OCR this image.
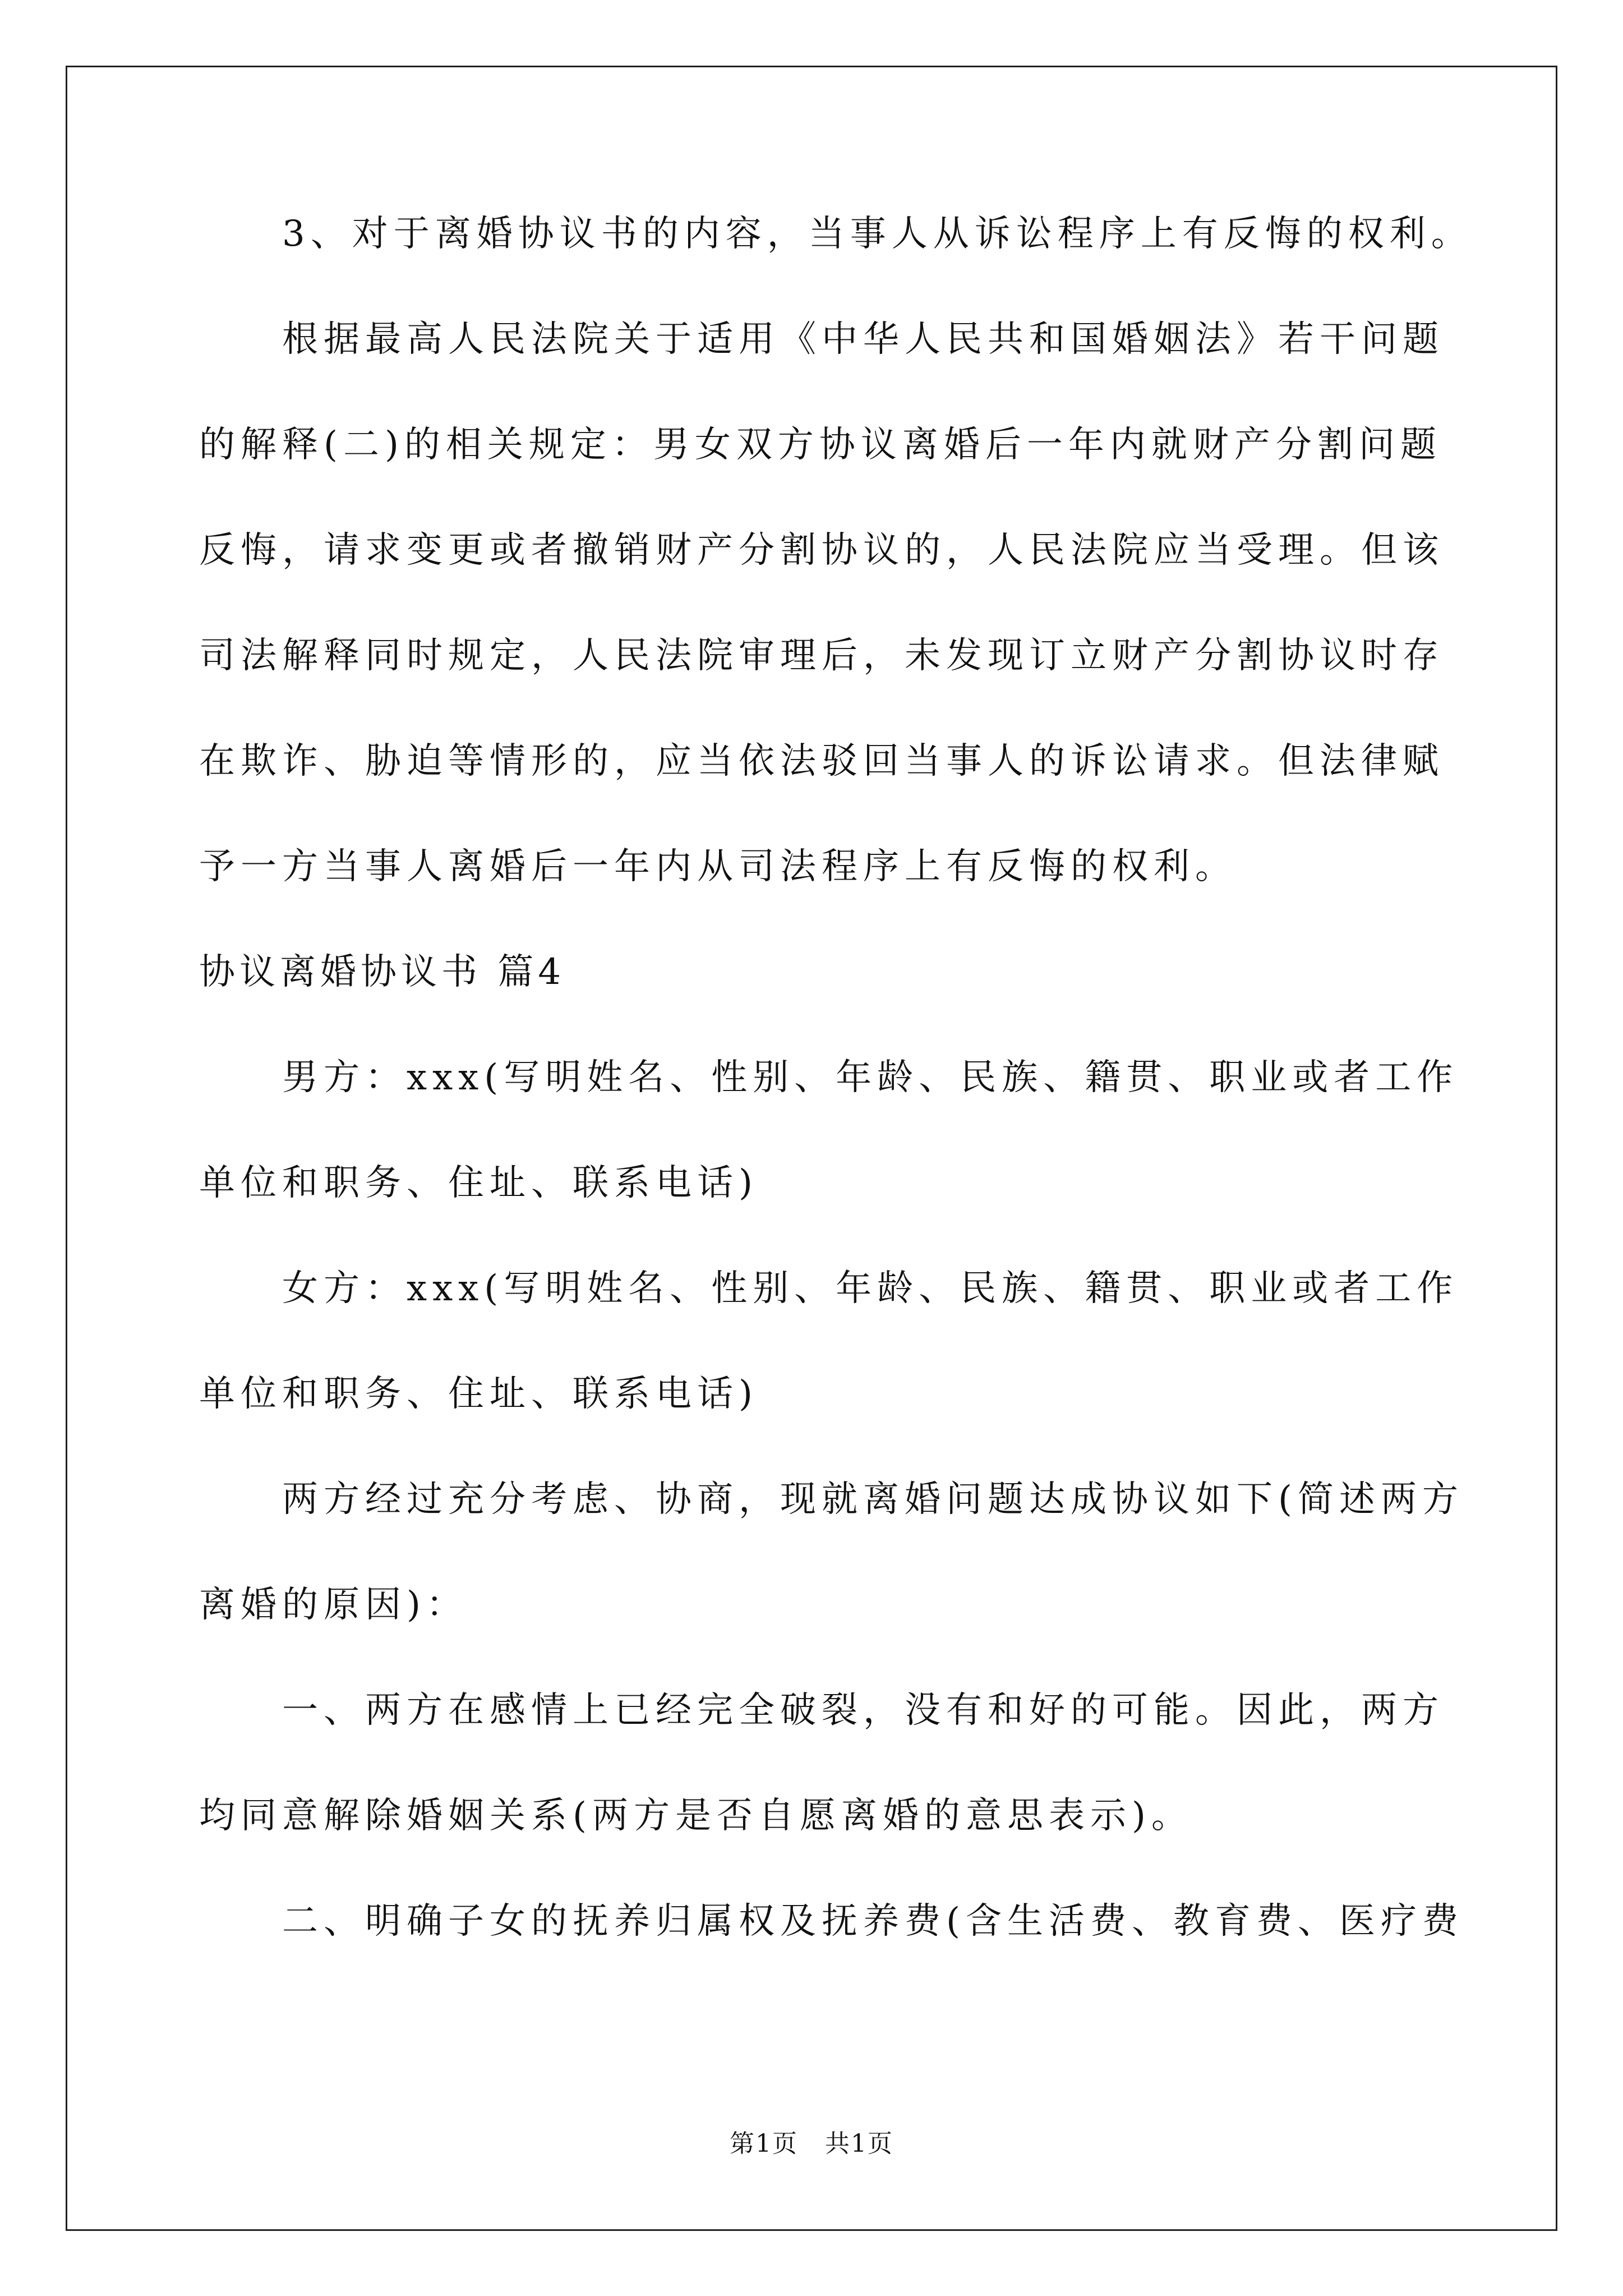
3、对于离婚协议书的内容，当事人从诉讼程序上有反悔的权利。
根据最高人民法院关于适用《中华人民共和国婚姻法》若干问题
的解释(二)的相关规定：男女双方协议离婚后一年内就财产分割问题
反悔，请求变更或者撤销财产分割协议的，人民法院应当受理。但该
司法解释同时规定，人民法院审理后，未发现订立财产分割协议时存
在欺诈、胁迫等情形的，应当依法驳回当事人的诉讼请求。但法律赋
予一方当事人离婚后一年内从司法程序上有反悔的权利。
协议离婚协议书 篇4
男方：xxx(写明姓名、性别、年龄、民族、籍贯、职业或者工作
单位和职务、住址、联系电话)
女方：xxx(写明姓名、性别、年龄、民族、籍贯、职业或者工作
单位和职务、住址、联系电话)
两方经过充分考虑、协商，现就离婚问题达成协议如下(简述两方
离婚的原因)：
一、两方在感情上已经完全破裂，没有和好的可能。因此，两方
均同意解除婚姻关系(两方是否自愿离婚的意思表示)。
二、明确子女的抚养归属权及抚养费(含生活费、教育费、医疗费
第1页   共1页
